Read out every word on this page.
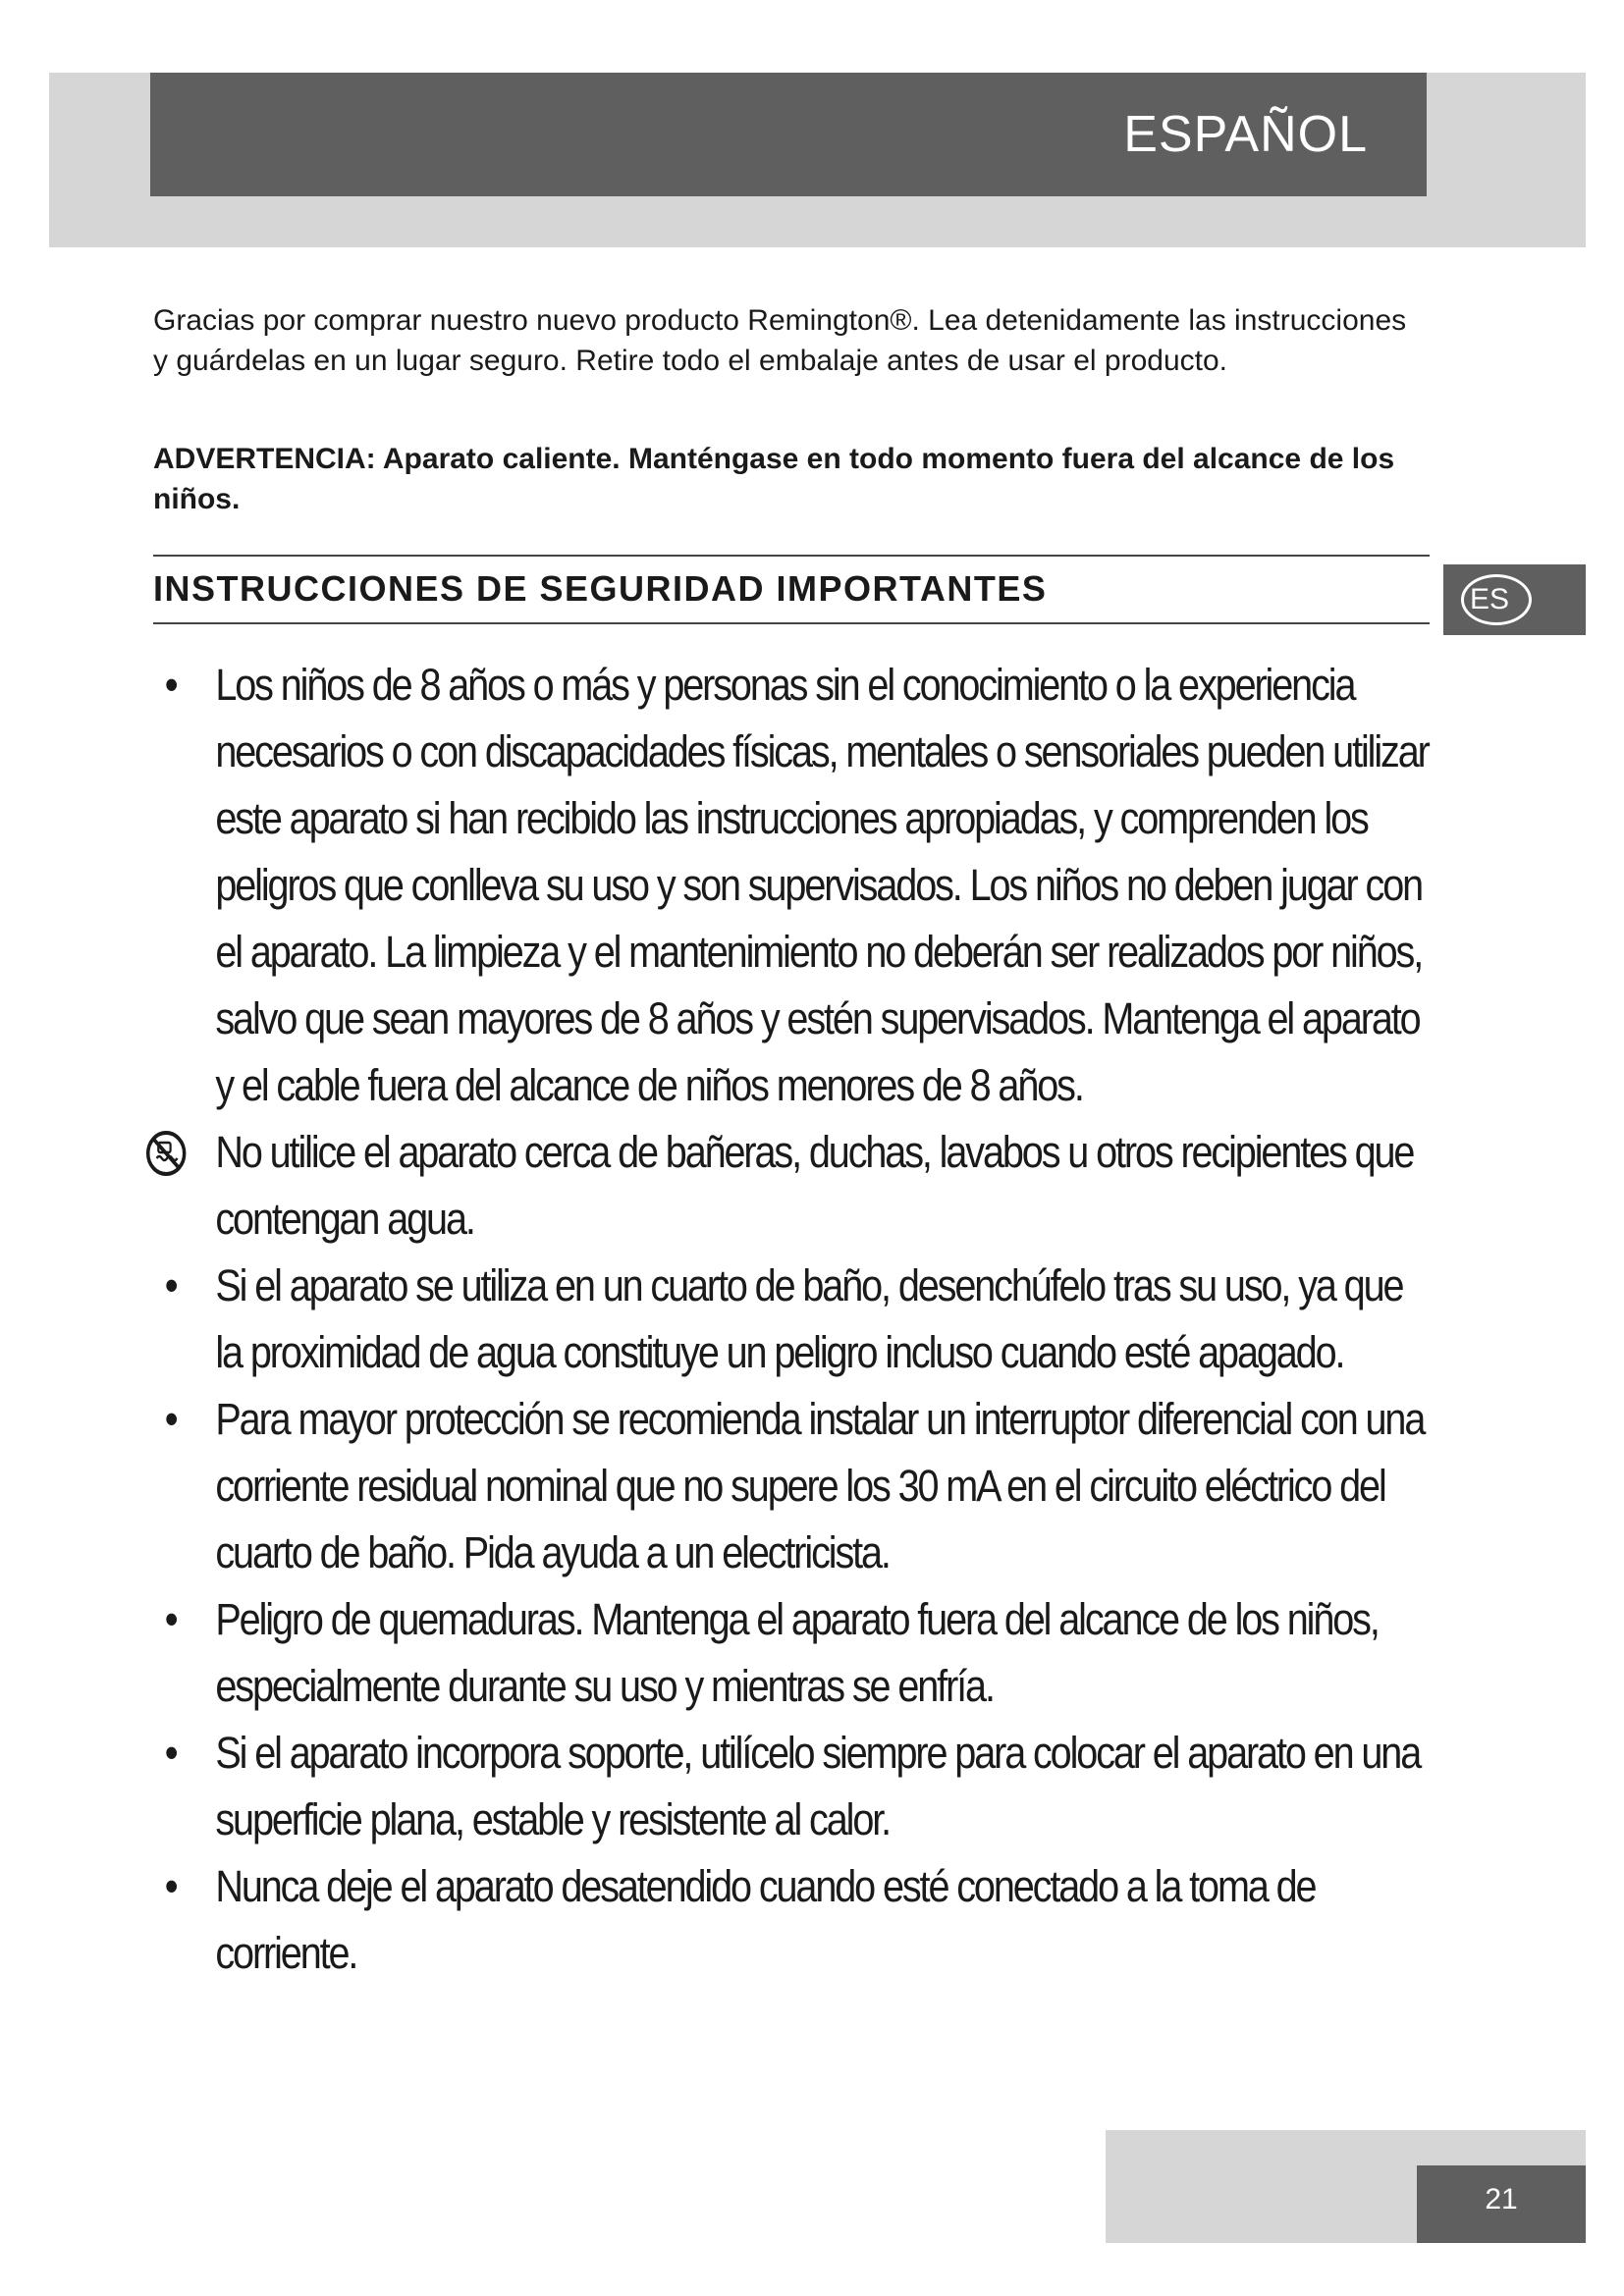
ESPAÑOL

Gracias por comprar nuestro nuevo producto Remington®. Lea detenidamente las instrucciones y guárdelas en un lugar seguro. Retire todo el embalaje antes de usar el producto.

ADVERTENCIA: Aparato caliente. Manténgase en todo momento fuera del alcance de los niños.

INSTRUCCIONES DE SEGURIDAD IMPORTANTES	ES
• Los niños de 8 años o más y personas sin el conocimiento o la experiencia necesarios o con discapacidades físicas, mentales o sensoriales pueden utilizar este aparato si han recibido las instrucciones apropiadas, y comprenden los peligros que conlleva su uso y son supervisados. Los niños no deben jugar con el aparato. La limpieza y el mantenimiento no deberán ser realizados por niños, salvo que sean mayores de 8 años y estén supervisados. Mantenga el aparato y el cable fuera del alcance de niños menores de 8 años.
No utilice el aparato cerca de bañeras, duchas, lavabos u otros recipientes que contengan agua.
• Si el aparato se utiliza en un cuarto de baño, desenchúfelo tras su uso, ya que la proximidad de agua constituye un peligro incluso cuando esté apagado.
• Para mayor protección se recomienda instalar un interruptor diferencial con una corriente residual nominal que no supere los 30 mA en el circuito eléctrico del cuarto de baño. Pida ayuda a un electricista.
• Peligro de quemaduras. Mantenga el aparato fuera del alcance de los niños, especialmente durante su uso y mientras se enfría.
• Si el aparato incorpora soporte, utilícelo siempre para colocar el aparato en una superficie plana, estable y resistente al calor.
• Nunca deje el aparato desatendido cuando esté conectado a la toma de corriente.
21
